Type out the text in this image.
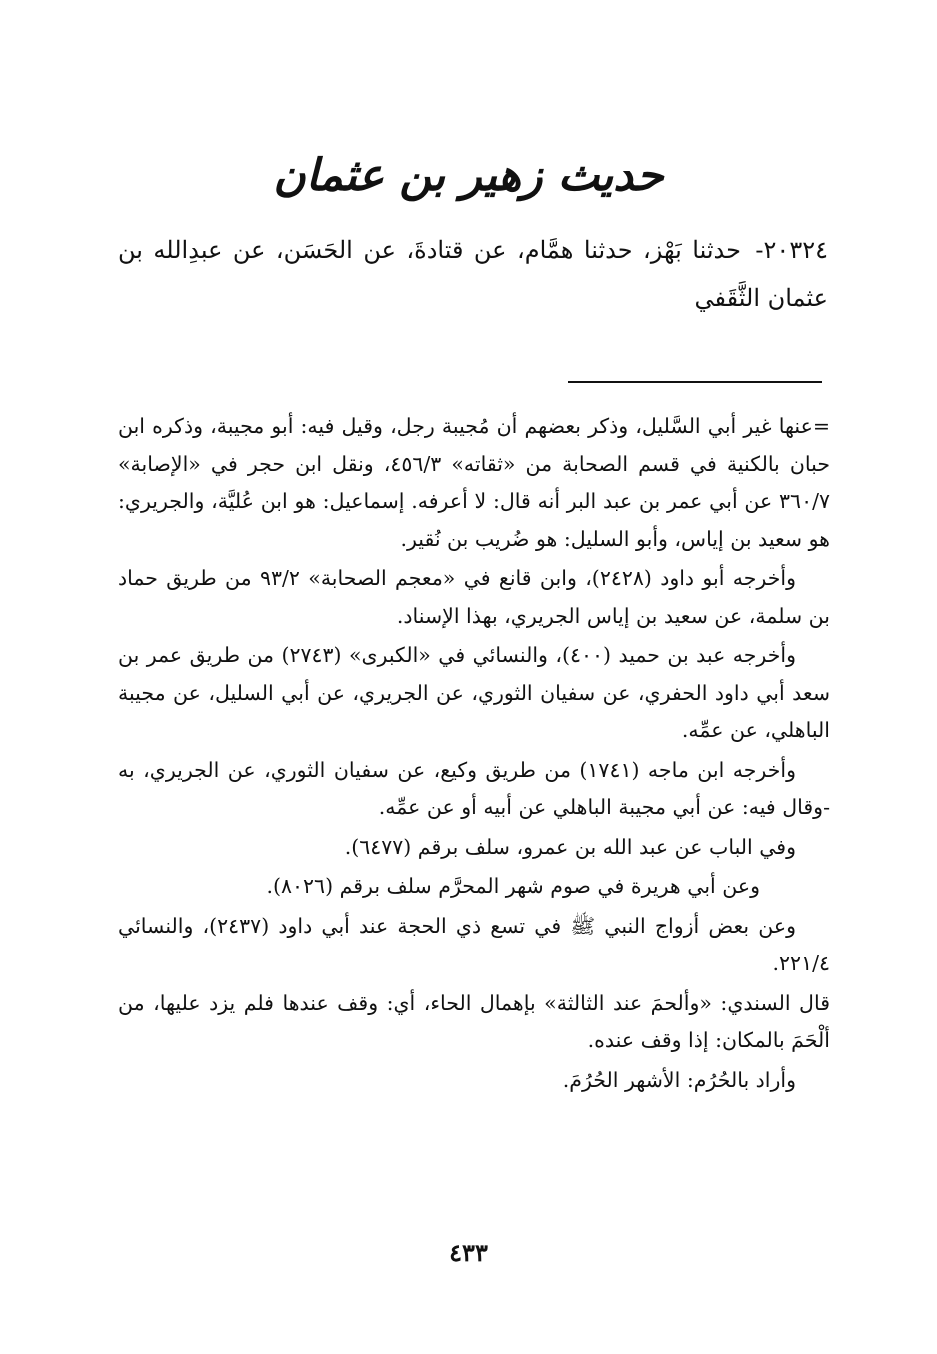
حديث زهير بن عثمان
٢٠٣٢٤- حدثنا بَهْز، حدثنا همَّام، عن قتادةَ، عن الحَسَن، عن عبدِالله بن عثمان الثَّقَفي

=عنها غير أبي السَّليل، وذكر بعضهم أن مُجيبة رجل، وقيل فيه: أبو مجيبة، وذكره ابن حبان بالكنية في قسم الصحابة من «ثقاته» ٤٥٦/٣، ونقل ابن حجر في «الإصابة» ٣٦٠/٧ عن أبي عمر بن عبد البر أنه قال: لا أعرفه. إسماعيل: هو ابن عُليَّة، والجريري: هو سعيد بن إياس، وأبو السليل: هو ضُريب بن نُقير.

وأخرجه أبو داود (٢٤٢٨)، وابن قانع في «معجم الصحابة» ٩٣/٢ من طريق حماد بن سلمة، عن سعيد بن إياس الجريري، بهذا الإسناد.

وأخرجه عبد بن حميد (٤٠٠)، والنسائي في «الكبرى» (٢٧٤٣) من طريق عمر بن سعد أبي داود الحفري، عن سفيان الثوري، عن الجريري، عن أبي السليل، عن مجيبة الباهلي، عن عمِّه.

وأخرجه ابن ماجه (١٧٤١) من طريق وكيع، عن سفيان الثوري، عن الجريري، به -وقال فيه: عن أبي مجيبة الباهلي عن أبيه أو عن عمِّه.

وفي الباب عن عبد الله بن عمرو، سلف برقم (٦٤٧٧).

وعن أبي هريرة في صوم شهر المحرَّم سلف برقم (٨٠٢٦).

وعن بعض أزواج النبي ﷺ في تسع ذي الحجة عند أبي داود (٢٤٣٧)، والنسائي ٢٢١/٤.

قال السندي: «وألحمَ عند الثالثة» بإهمال الحاء، أي: وقف عندها فلم يزد عليها، من ألْحَمَ بالمكان: إذا وقف عنده.

وأراد بالحُرُم: الأشهر الحُرُمَ.

٤٣٣
